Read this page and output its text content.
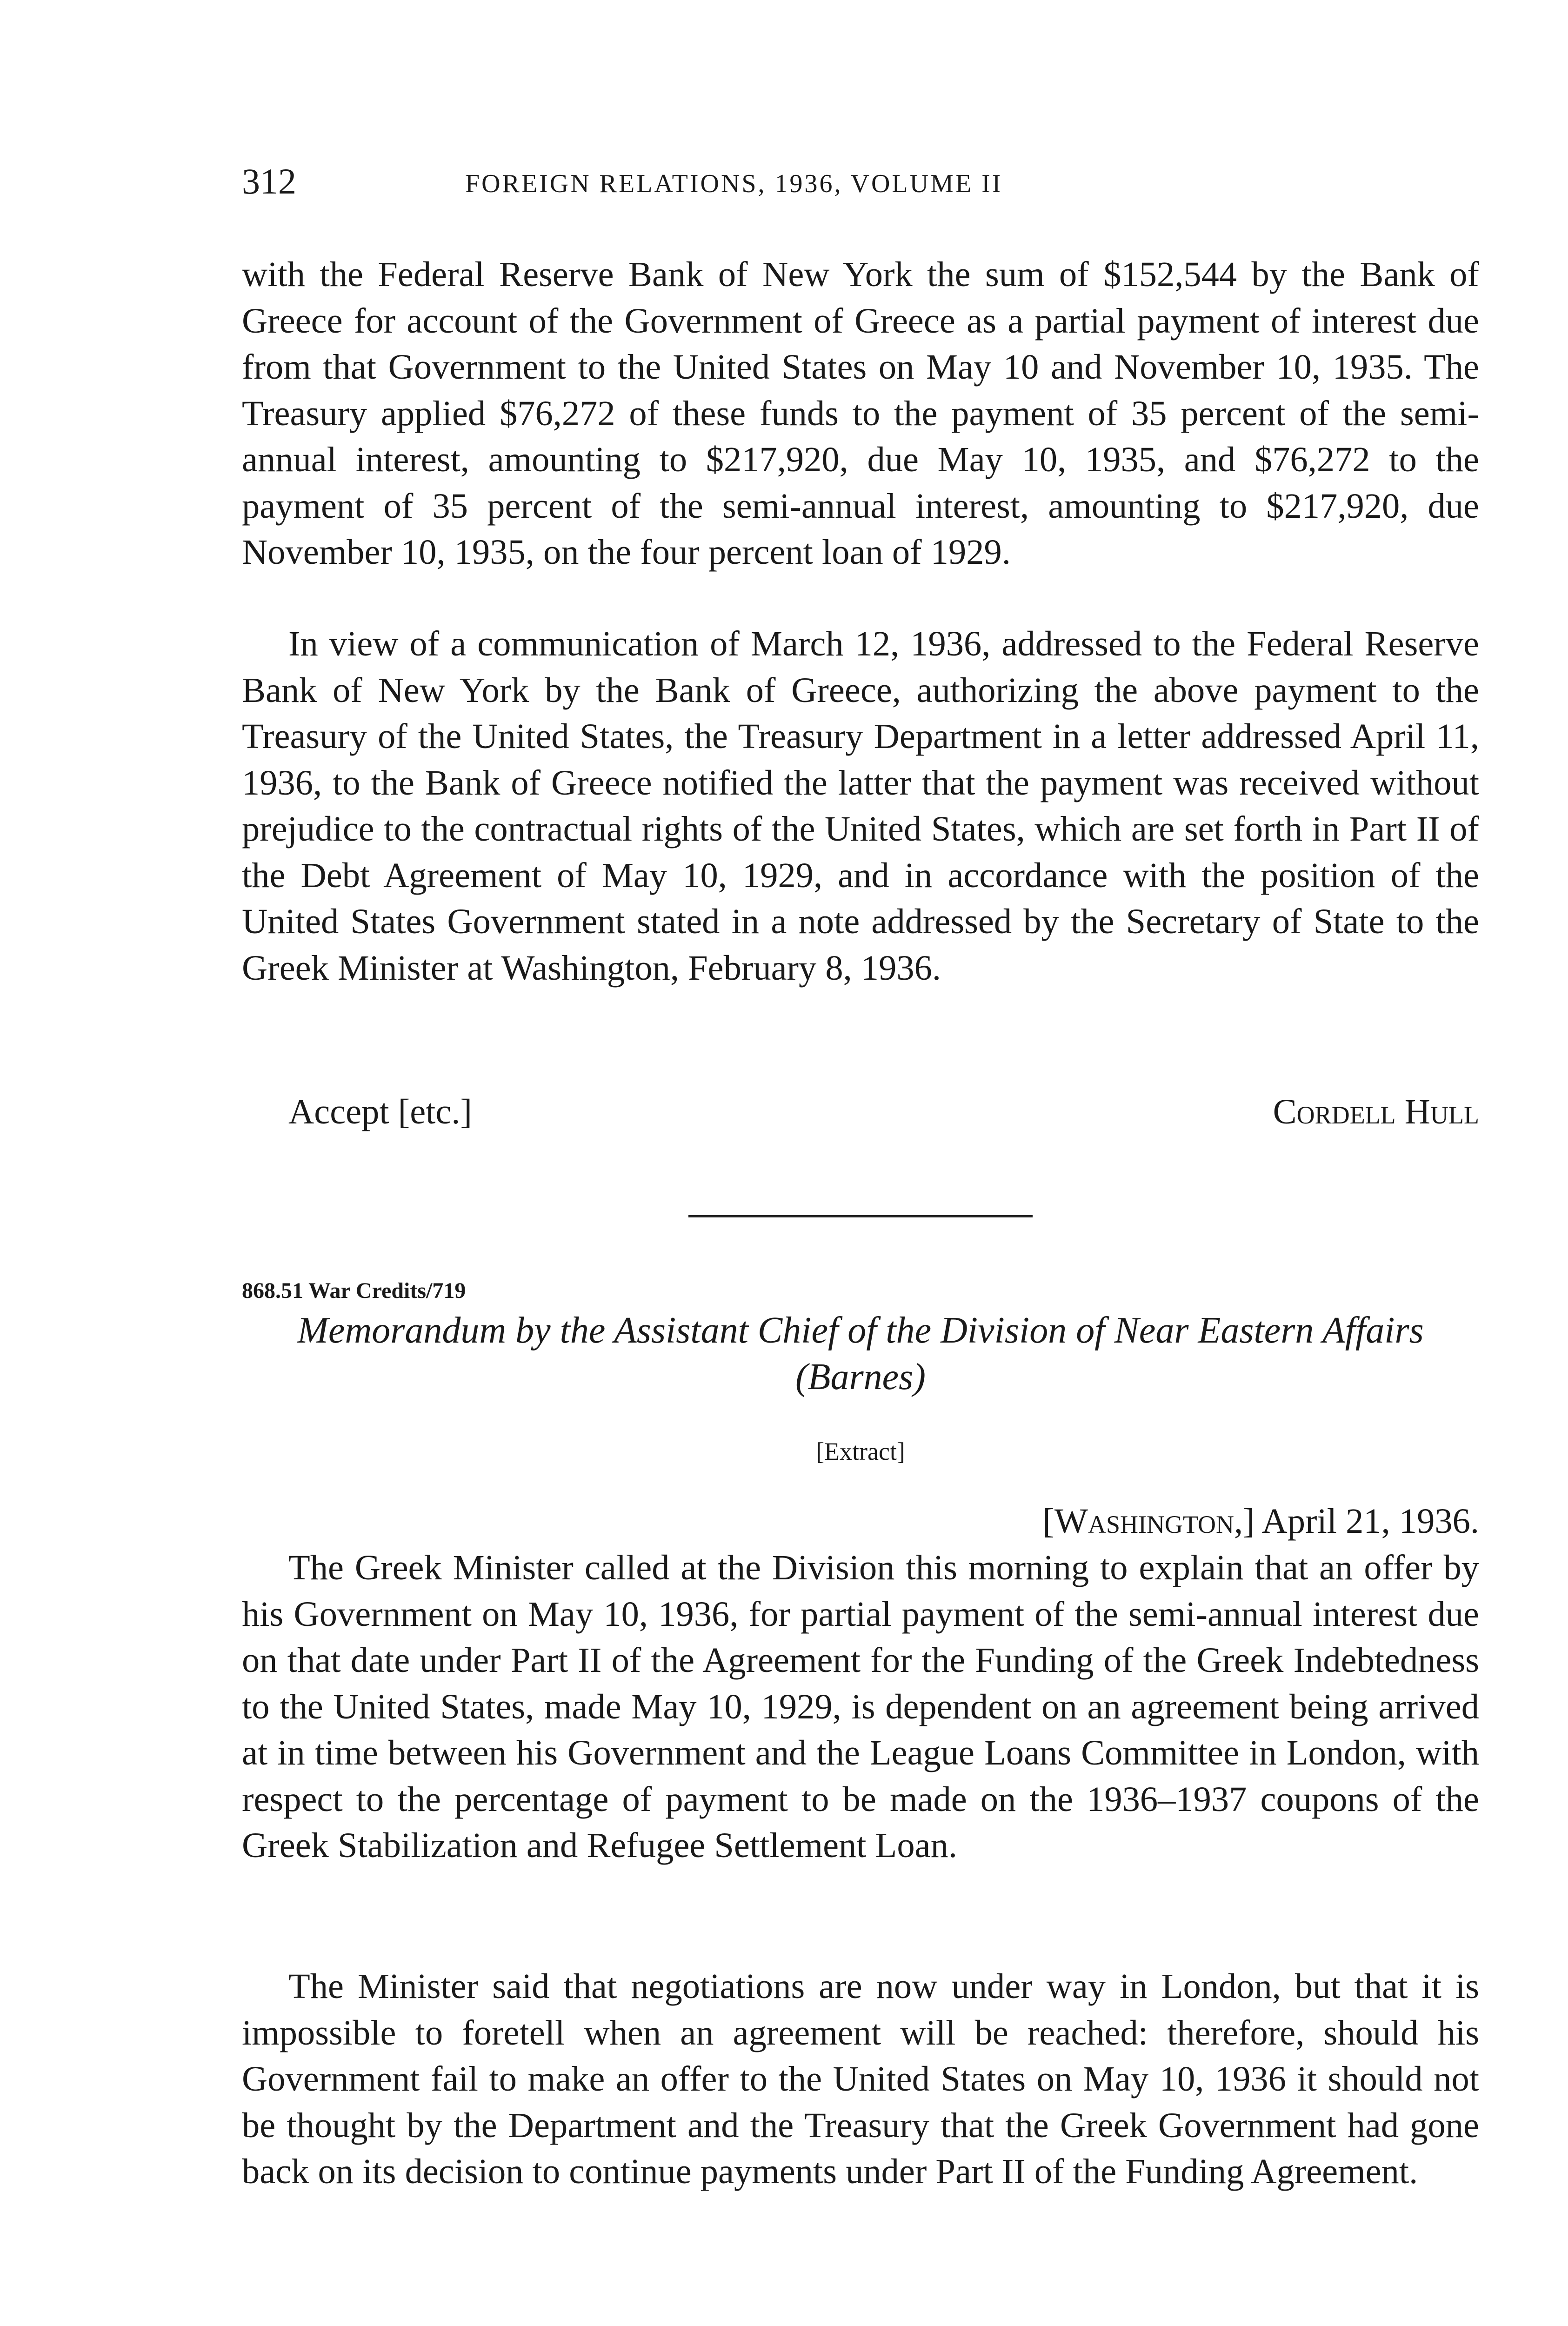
312	FOREIGN RELATIONS, 1936, VOLUME II

with the Federal Reserve Bank of New York the sum of $152,544 by the Bank of Greece for account of the Government of Greece as a partial payment of interest due from that Government to the United States on May 10 and November 10, 1935. The Treasury applied $76,272 of these funds to the payment of 35 percent of the semi-annual interest, amounting to $217,920, due May 10, 1935, and $76,272 to the payment of 35 percent of the semi-annual interest, amounting to $217,920, due November 10, 1935, on the four percent loan of 1929.

In view of a communication of March 12, 1936, addressed to the Federal Reserve Bank of New York by the Bank of Greece, authorizing the above payment to the Treasury of the United States, the Treasury Department in a letter addressed April 11, 1936, to the Bank of Greece notified the latter that the payment was received without prejudice to the contractual rights of the United States, which are set forth in Part II of the Debt Agreement of May 10, 1929, and in accordance with the position of the United States Government stated in a note addressed by the Secretary of State to the Greek Minister at Washington, February 8, 1936.

Accept [etc.]	Cordell Hull
868.51 War Credits/719
Memorandum by the Assistant Chief of the Division of Near Eastern Affairs (Barnes)
[Extract]
[Washington,] April 21, 1936.

The Greek Minister called at the Division this morning to explain that an offer by his Government on May 10, 1936, for partial payment of the semi-annual interest due on that date under Part II of the Agreement for the Funding of the Greek Indebtedness to the United States, made May 10, 1929, is dependent on an agreement being arrived at in time between his Government and the League Loans Committee in London, with respect to the percentage of payment to be made on the 1936–1937 coupons of the Greek Stabilization and Refugee Settlement Loan.

The Minister said that negotiations are now under way in London, but that it is impossible to foretell when an agreement will be reached: therefore, should his Government fail to make an offer to the United States on May 10, 1936 it should not be thought by the Department and the Treasury that the Greek Government had gone back on its decision to continue payments under Part II of the Funding Agreement.
